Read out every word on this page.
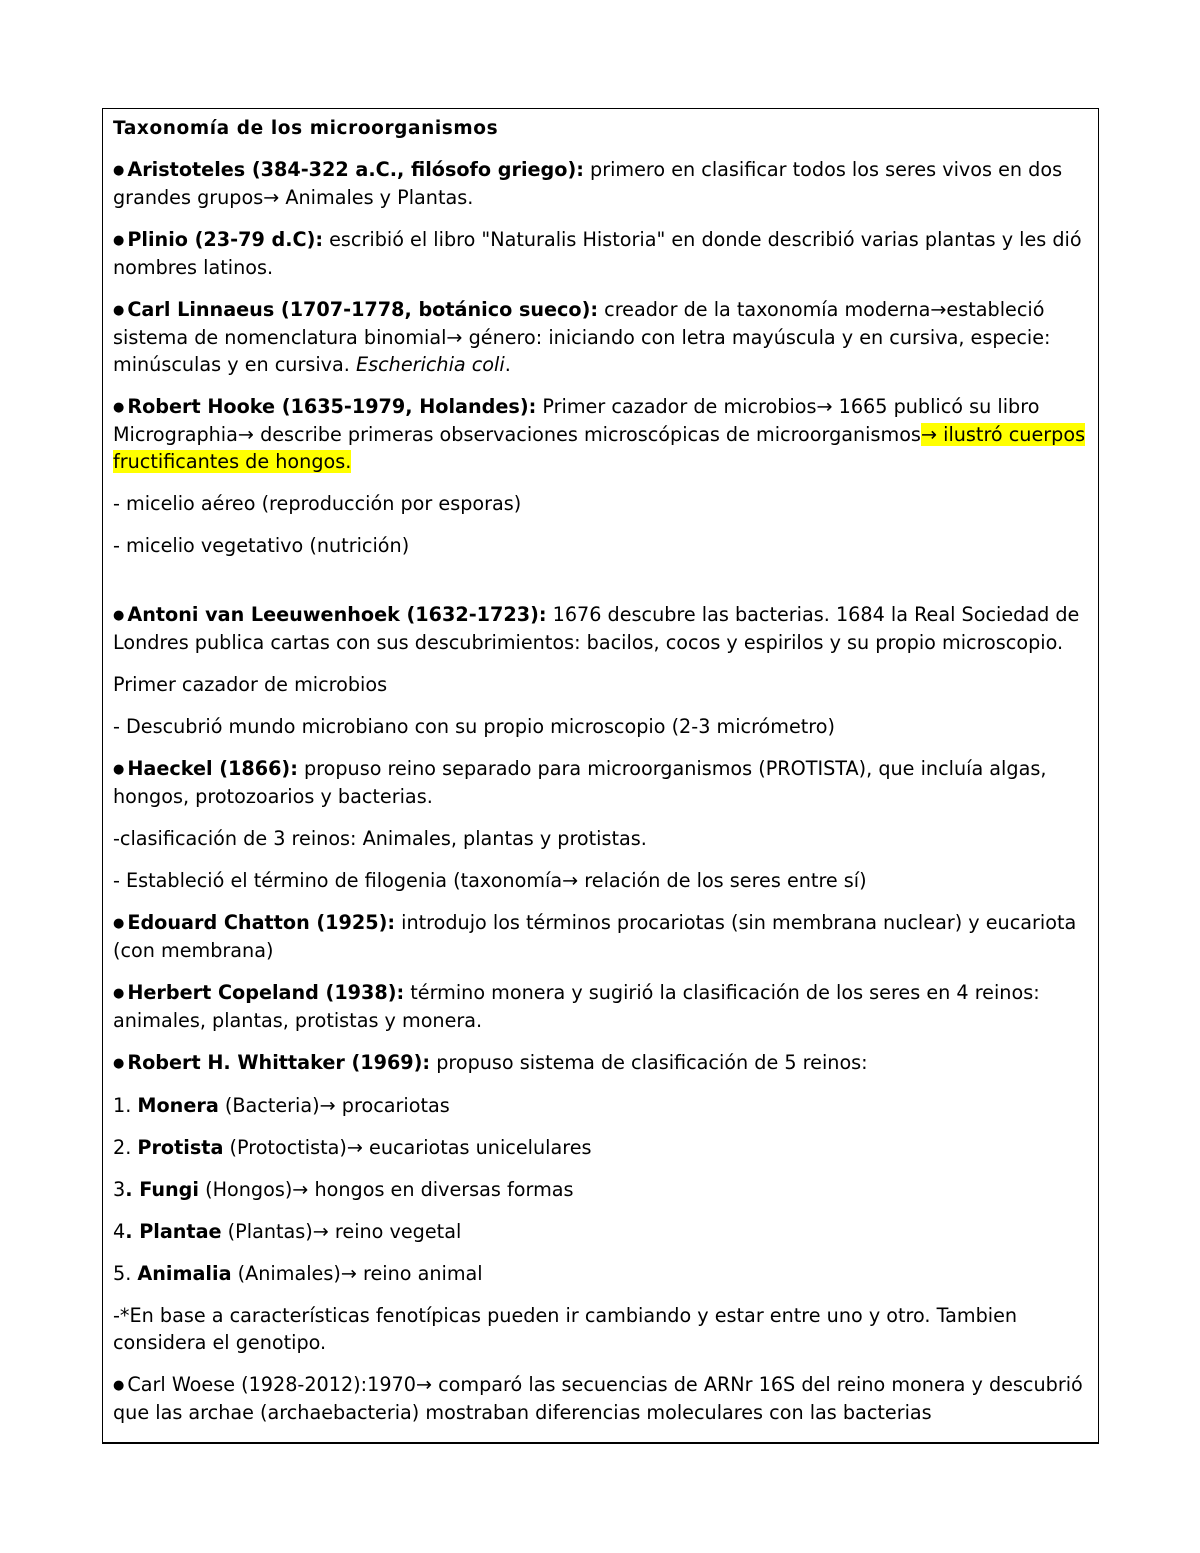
Taxonomía de los microorganismos

● Aristoteles (384-322 a.C., filósofo griego): primero en clasificar todos los seres vivos en dos grandes grupos→ Animales y Plantas.

● Plinio (23-79 d.C): escribió el libro "Naturalis Historia" en donde describió varias plantas y les dió nombres latinos.

● Carl Linnaeus (1707-1778, botánico sueco): creador de la taxonomía moderna→estableció sistema de nomenclatura binomial→ género: iniciando con letra mayúscula y en cursiva, especie: minúsculas y en cursiva. Escherichia coli.

● Robert Hooke (1635-1979, Holandes): Primer cazador de microbios→ 1665 publicó su libro Micrographia→ describe primeras observaciones microscópicas de microorganismos→ ilustró cuerpos fructificantes de hongos.

- micelio aéreo (reproducción por esporas)

- micelio vegetativo (nutrición)

● Antoni van Leeuwenhoek (1632-1723): 1676 descubre las bacterias. 1684 la Real Sociedad de Londres publica cartas con sus descubrimientos: bacilos, cocos y espirilos y su propio microscopio.

Primer cazador de microbios

- Descubrió mundo microbiano con su propio microscopio (2-3 micrómetro)

● Haeckel (1866): propuso reino separado para microorganismos (PROTISTA), que incluía algas, hongos, protozoarios y bacterias.

-clasificación de 3 reinos: Animales, plantas y protistas.

- Estableció el término de filogenia (taxonomía→ relación de los seres entre sí)

● Edouard Chatton (1925): introdujo los términos procariotas (sin membrana nuclear) y eucariota (con membrana)

● Herbert Copeland (1938): término monera y sugirió la clasificación de los seres en 4 reinos: animales, plantas, protistas y monera.

● Robert H. Whittaker (1969): propuso sistema de clasificación de 5 reinos:

1. Monera (Bacteria)→ procariotas

2. Protista (Protoctista)→ eucariotas unicelulares

3. Fungi (Hongos)→ hongos en diversas formas

4. Plantae (Plantas)→ reino vegetal

5. Animalia (Animales)→ reino animal

-*En base a características fenotípicas pueden ir cambiando y estar entre uno y otro. Tambien considera el genotipo.

● Carl Woese (1928-2012):1970→ comparó las secuencias de ARNr 16S del reino monera y descubrió que las archae (archaebacteria) mostraban diferencias moleculares con las bacterias
